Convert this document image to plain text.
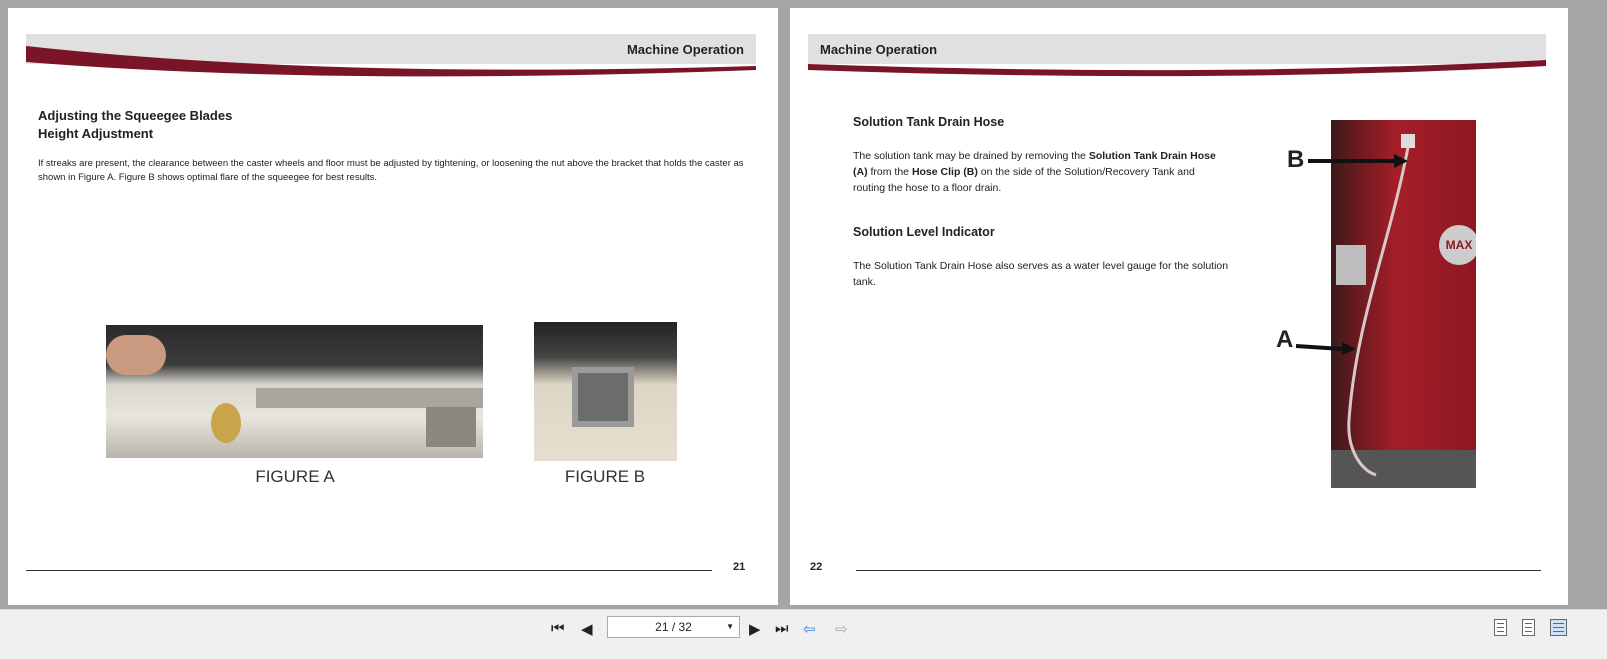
Machine Operation
Adjusting the Squeegee Blades
Height Adjustment
If streaks are present, the clearance between the caster wheels and floor must be adjusted by tightening, or loosening the nut above the bracket that holds the caster as shown in Figure A. Figure B shows optimal flare of the squeegee for best results.
FIGURE A	FIGURE B
21
Machine Operation
Solution Tank Drain Hose
The solution tank may be drained by removing the Solution Tank Drain Hose (A) from the Hose Clip (B) on the side of the Solution/Recovery Tank and routing the hose to a floor drain.
Solution Level Indicator
The Solution Tank Drain Hose also serves as a water level gauge for the solution tank.
MAX
B
A
22
⏮ ◀	21 / 32	▼ ▶ ⏭ ⇦ ⇨
